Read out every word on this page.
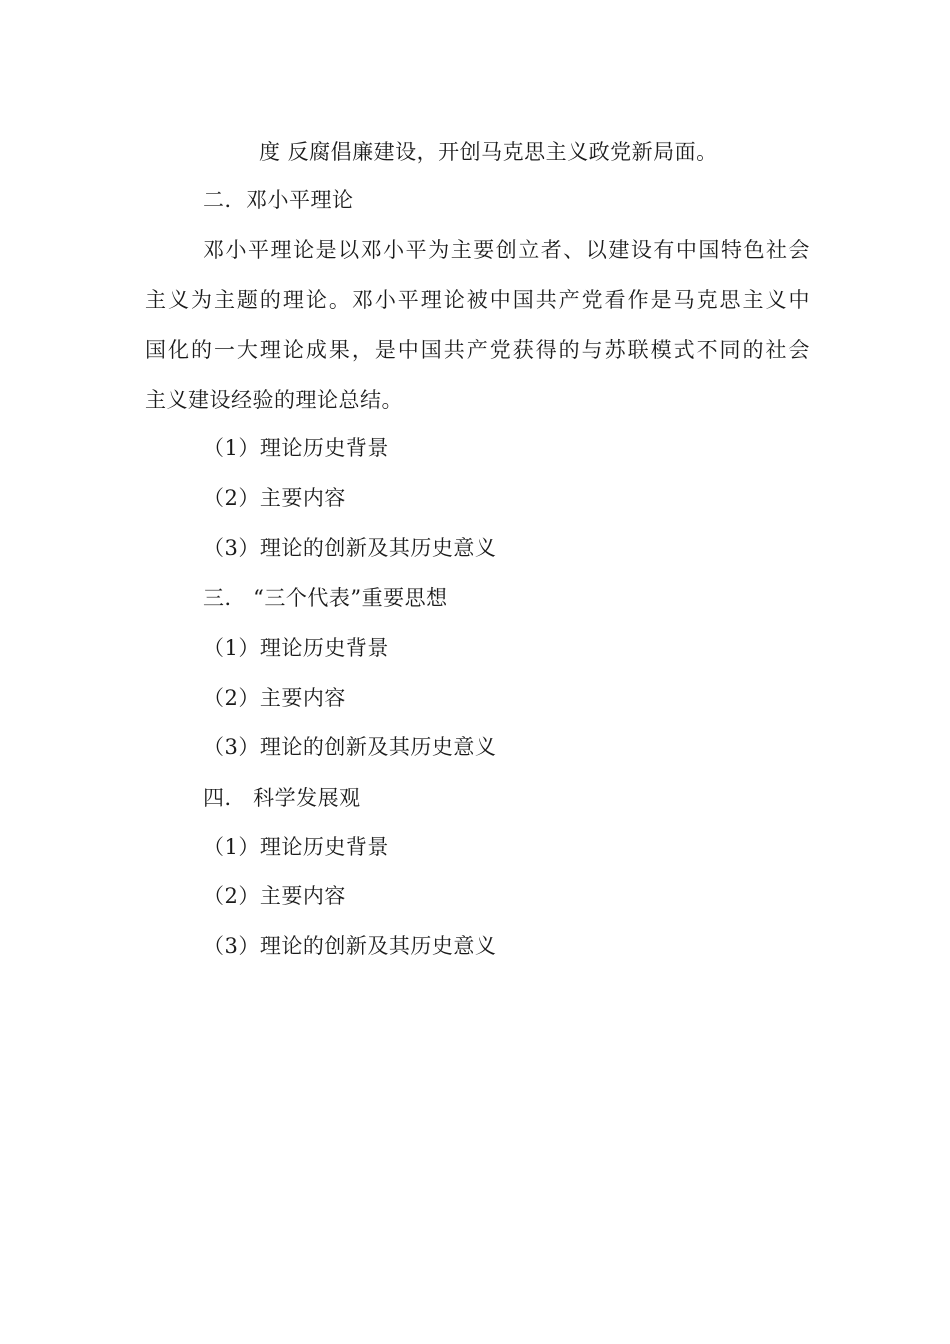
度 反腐倡廉建设，开创马克思主义政党新局面。
二．邓小平理论
邓小平理论是以邓小平为主要创立者、以建设有中国特色社会
主义为主题的理论。邓小平理论被中国共产党看作是马克思主义中
国化的一大理论成果，是中国共产党获得的与苏联模式不同的社会
主义建设经验的理论总结。
（1）理论历史背景
（2）主要内容
（3）理论的创新及其历史意义
三． “三个代表”重要思想
（1）理论历史背景
（2）主要内容
（3）理论的创新及其历史意义
四． 科学发展观
（1）理论历史背景
（2）主要内容
（3）理论的创新及其历史意义
